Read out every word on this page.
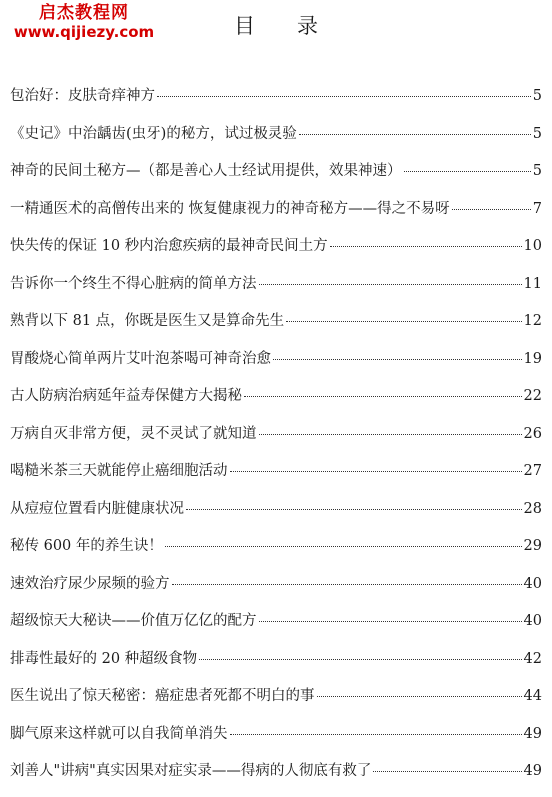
启杰教程网
www.qijiezy.com	目录
包治好：皮肤奇痒神方	5
《史记》中治龋齿(虫牙)的秘方，试过极灵验	5
神奇的民间土秘方—（都是善心人士经试用提供，效果神速）	5
一精通医术的高僧传出来的 恢复健康视力的神奇秘方——得之不易呀	7
快失传的保证 10 秒内治愈疾病的最神奇民间土方	10
告诉你一个终生不得心脏病的简单方法	11
熟背以下 81 点，你既是医生又是算命先生	12
胃酸烧心简单两片艾叶泡茶喝可神奇治愈	19
古人防病治病延年益寿保健方大揭秘	22
万病自灭非常方便，灵不灵试了就知道	26
喝糙米茶三天就能停止癌细胞活动	27
从痘痘位置看内脏健康状况	28
秘传 600 年的养生诀！	29
速效治疗尿少尿频的验方	40
超级惊天大秘诀——价值万亿亿的配方	40
排毒性最好的 20 种超级食物	42
医生说出了惊天秘密：癌症患者死都不明白的事	44
脚气原来这样就可以自我简单消失	49
刘善人"讲病"真实因果对症实录——得病的人彻底有救了	49
